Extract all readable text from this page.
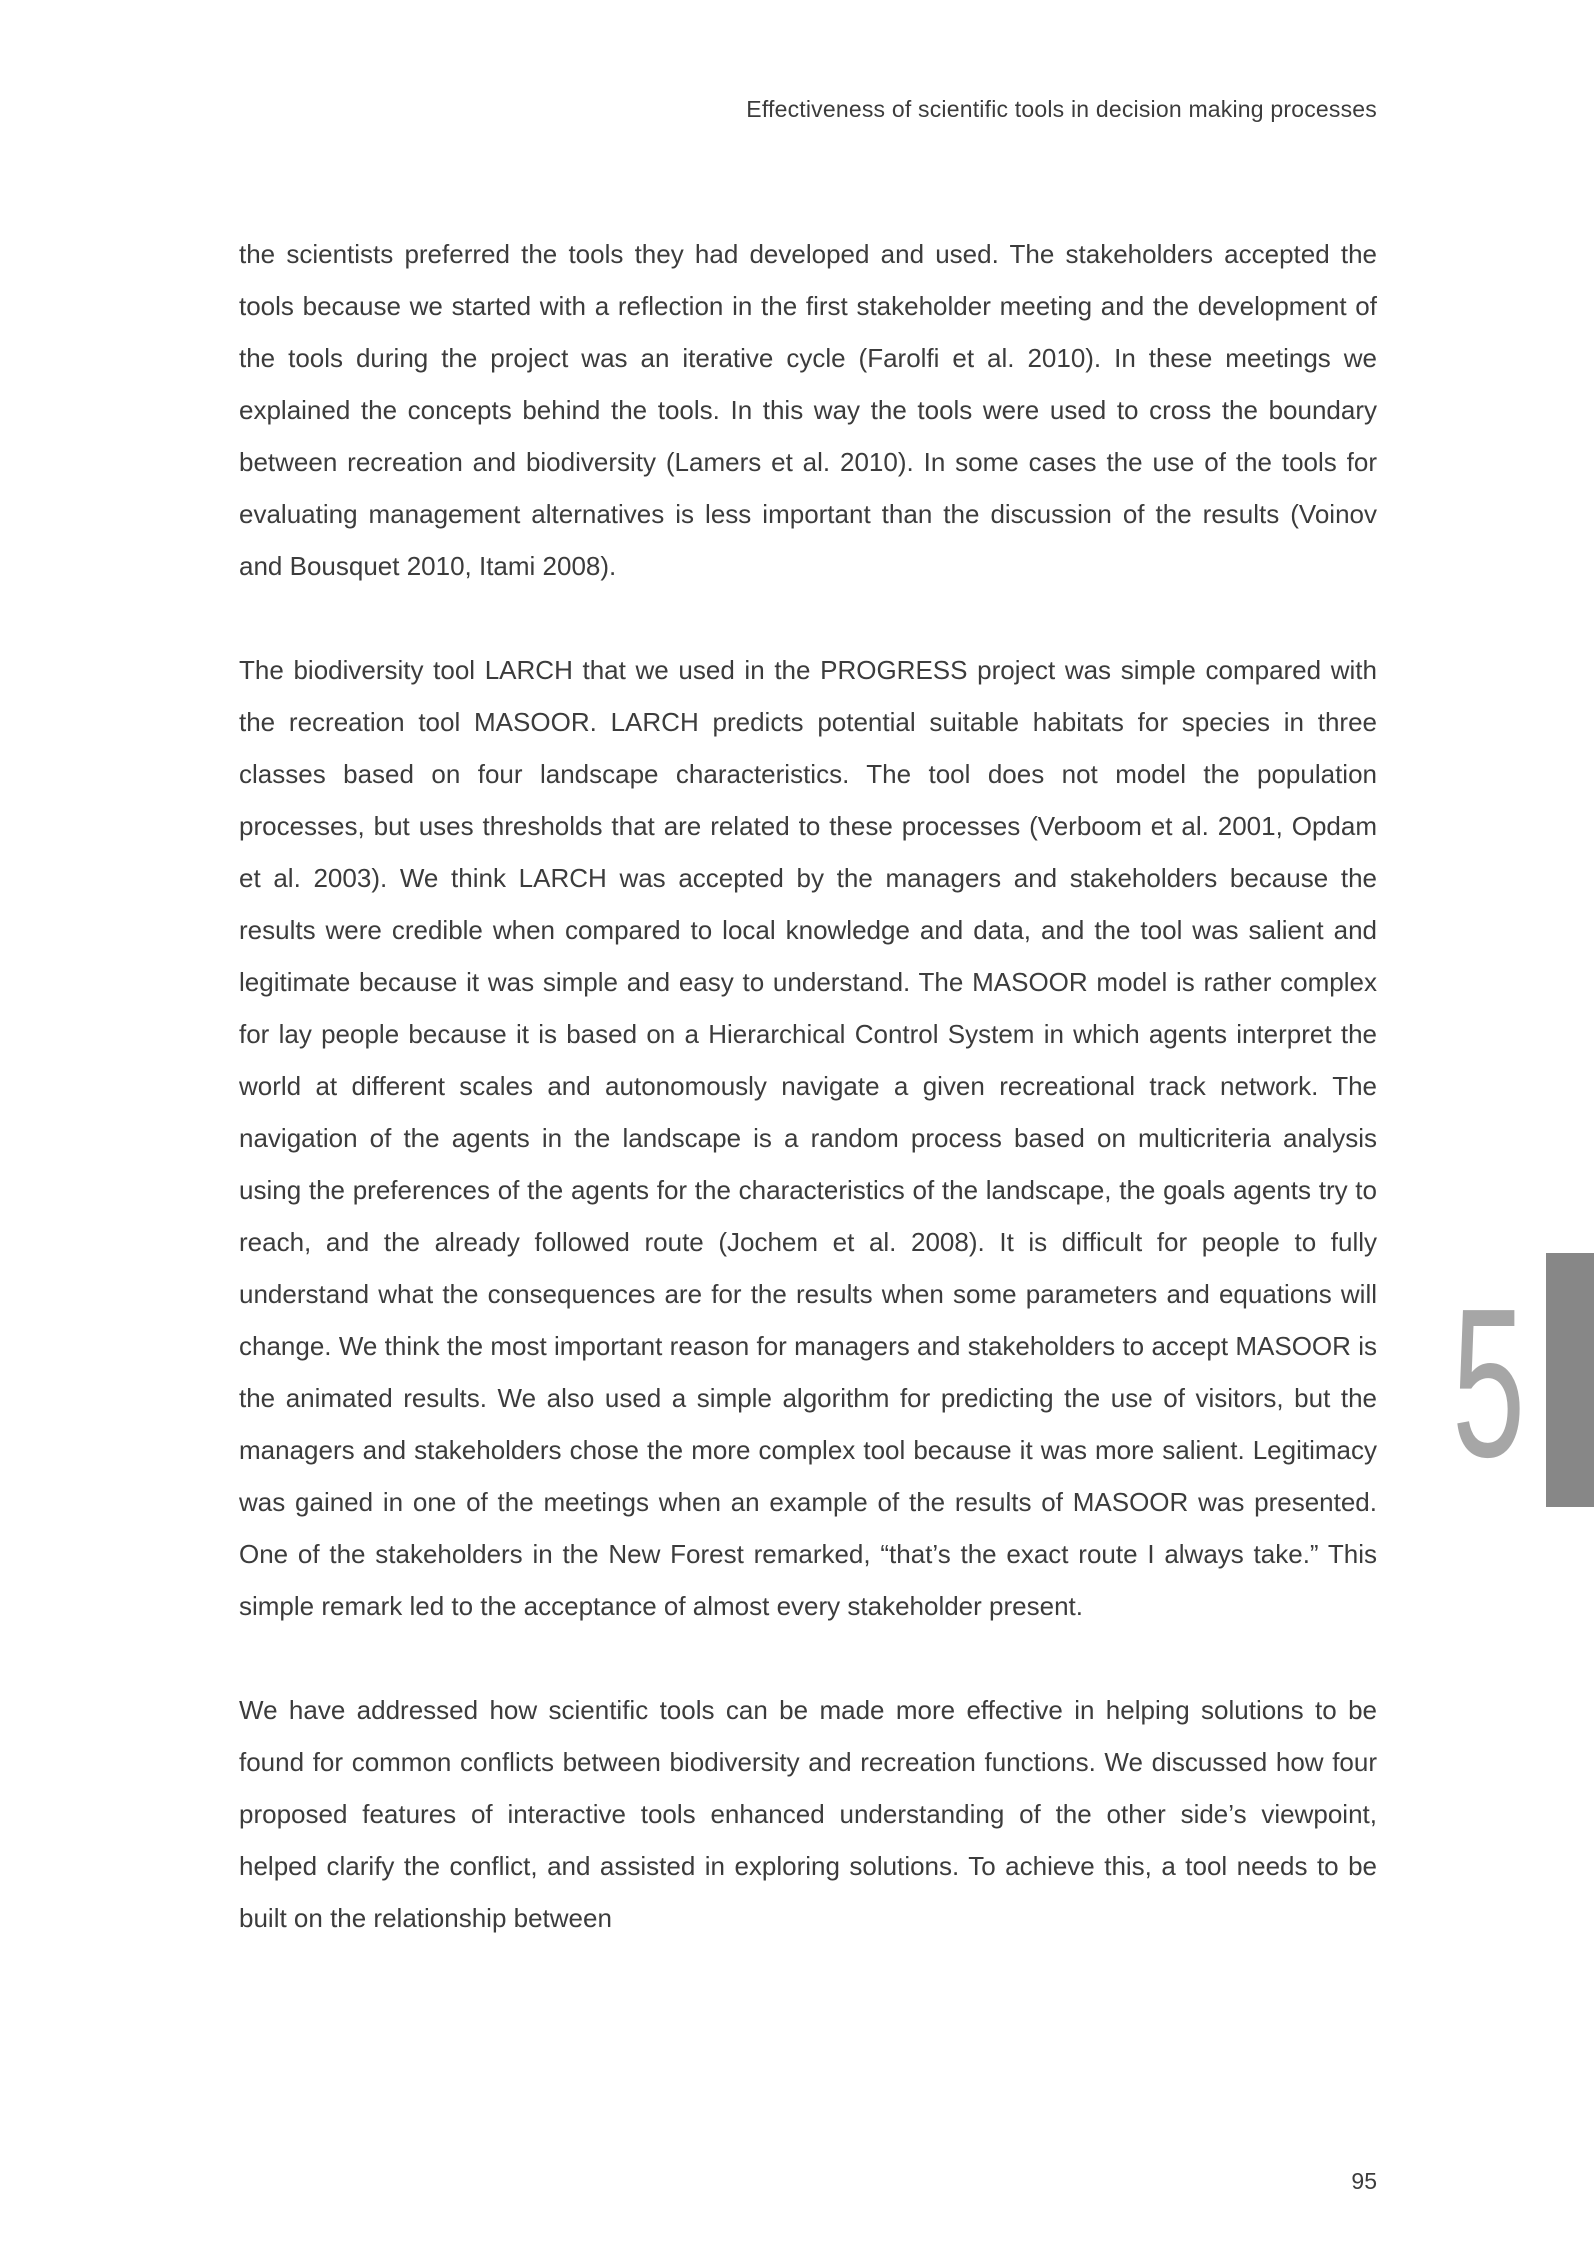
Effectiveness of scientific tools in decision making processes

the scientists preferred the tools they had developed and used. The stakeholders accepted the tools because we started with a reflection in the first stakeholder meeting and the development of the tools during the project was an iterative cycle (Farolfi et al. 2010). In these meetings we explained the concepts behind the tools. In this way the tools were used to cross the boundary between recreation and biodiversity (Lamers et al. 2010). In some cases the use of the tools for evaluating management alternatives is less important than the discussion of the results (Voinov and Bousquet 2010, Itami 2008).

The biodiversity tool LARCH that we used in the PROGRESS project was simple compared with the recreation tool MASOOR. LARCH predicts potential suitable habitats for species in three classes based on four landscape characteristics. The tool does not model the population processes, but uses thresholds that are related to these processes (Verboom et al. 2001, Opdam et al. 2003). We think LARCH was accepted by the managers and stakeholders because the results were credible when compared to local knowledge and data, and the tool was salient and legitimate because it was simple and easy to understand. The MASOOR model is rather complex for lay people because it is based on a Hierarchical Control System in which agents interpret the world at different scales and autonomously navigate a given recreational track network. The navigation of the agents in the landscape is a random process based on multicriteria analysis using the preferences of the agents for the characteristics of the landscape, the goals agents try to reach, and the already followed route (Jochem et al. 2008). It is difficult for people to fully understand what the consequences are for the results when some parameters and equations will change. We think the most important reason for managers and stakeholders to accept MASOOR is the animated results. We also used a simple algorithm for predicting the use of visitors, but the managers and stakeholders chose the more complex tool because it was more salient. Legitimacy was gained in one of the meetings when an example of the results of MASOOR was presented. One of the stakeholders in the New Forest remarked, “that’s the exact route I always take.” This simple remark led to the acceptance of almost every stakeholder present.

We have addressed how scientific tools can be made more effective in helping solutions to be found for common conflicts between biodiversity and recreation functions. We discussed how four proposed features of interactive tools enhanced understanding of the other side’s viewpoint, helped clarify the conflict, and assisted in exploring solutions. To achieve this, a tool needs to be built on the relationship between

5
95
